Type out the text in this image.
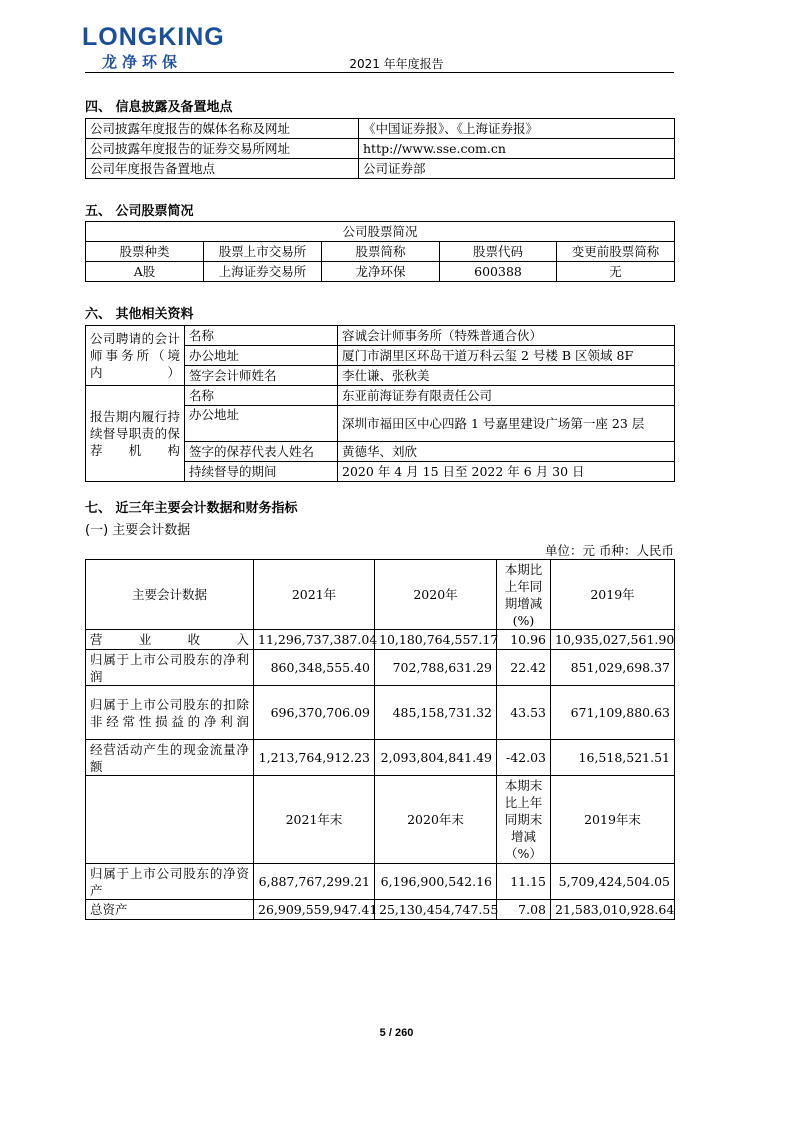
LONGKING
龙净环保	2021 年年度报告
四、 信息披露及备置地点
公司披露年度报告的媒体名称及网址	《中国证券报》、《上海证券报》
公司披露年度报告的证券交易所网址	http://www.sse.com.cn
公司年度报告备置地点	公司证券部
五、 公司股票简况
公司股票简况				
股票种类	股票上市交易所	股票简称	股票代码	变更前股票简称
A股	上海证券交易所	龙净环保	600388	无
六、 其他相关资料
公司聘请的会计师事务所（境内）	名称	容诚会计师事务所（特殊普通合伙）
	办公地址	厦门市湖里区环岛干道万科云玺 2 号楼 B 区领域 8F
	签字会计师姓名	李仕谦、张秋美
报告期内履行持续督导职责的保荐机构	名称	东亚前海证券有限责任公司
	办公地址	深圳市福田区中心四路 1 号嘉里建设广场第一座 23 层
	签字的保荐代表人姓名	黄德华、刘欣
	持续督导的期间	2020 年 4 月 15 日至 2022 年 6 月 30 日
七、 近三年主要会计数据和财务指标
(一) 主要会计数据
单位：元 币种：人民币
主要会计数据	2021年	2020年	本期比上年同期增减(%)	2019年
营业收入	11,296,737,387.04	10,180,764,557.17	10.96	10,935,027,561.90
归属于上市公司股东的净利润	860,348,555.40	702,788,631.29	22.42	851,029,698.37
归属于上市公司股东的扣除非经常性损益的净利润	696,370,706.09	485,158,731.32	43.53	671,109,880.63
经营活动产生的现金流量净额	1,213,764,912.23	2,093,804,841.49	-42.03	16,518,521.51
	2021年末	2020年末	本期末比上年同期末增减（%）	2019年末
归属于上市公司股东的净资产	6,887,767,299.21	6,196,900,542.16	11.15	5,709,424,504.05
总资产	26,909,559,947.41	25,130,454,747.55	7.08	21,583,010,928.64
5 / 260
